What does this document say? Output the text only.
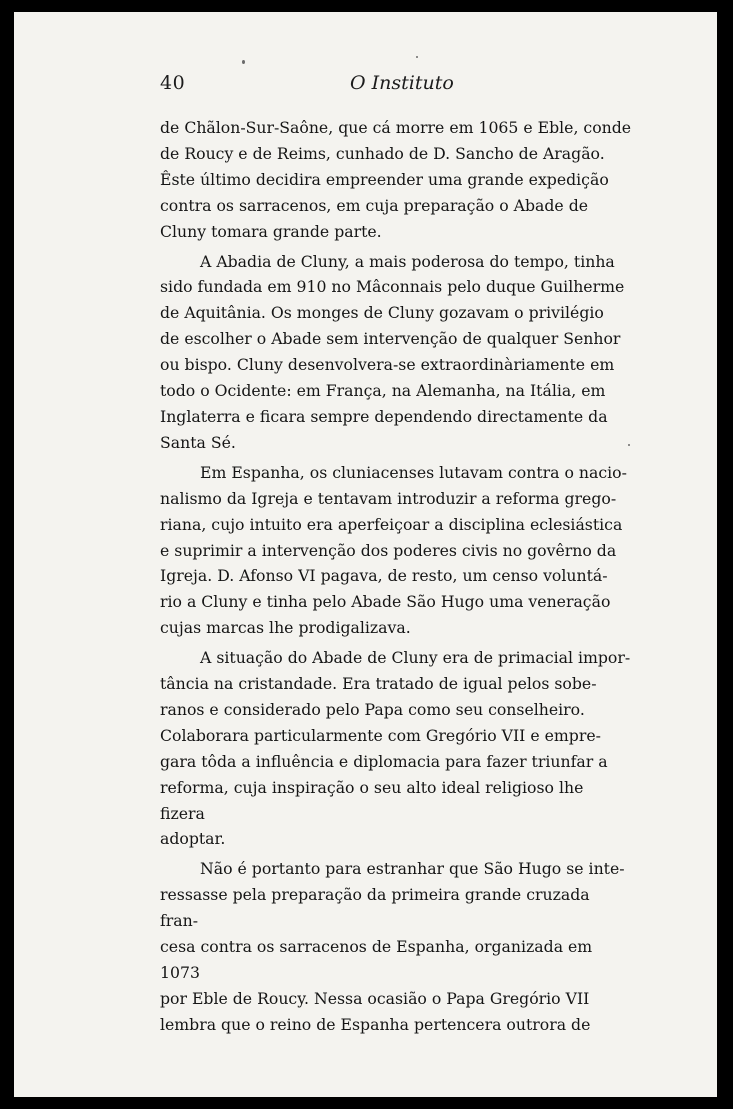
40	O Instituto

de Chãlon-Sur-Saône, que cá morre em 1065 e Eble, conde
de Roucy e de Reims, cunhado de D. Sancho de Aragão.
Êste último decidira empreender uma grande expedição
contra os sarracenos, em cuja preparação o Abade de
Cluny tomara grande parte.

A Abadia de Cluny, a mais poderosa do tempo, tinha
sido fundada em 910 no Mâconnais pelo duque Guilherme
de Aquitânia. Os monges de Cluny gozavam o privilégio
de escolher o Abade sem intervenção de qualquer Senhor
ou bispo. Cluny desenvolvera-se extraordinàriamente em
todo o Ocidente: em França, na Alemanha, na Itália, em
Inglaterra e ficara sempre dependendo directamente da
Santa Sé.

Em Espanha, os cluniacenses lutavam contra o nacio-
nalismo da Igreja e tentavam introduzir a reforma grego-
riana, cujo intuito era aperfeiçoar a disciplina eclesiástica
e suprimir a intervenção dos poderes civis no govêrno da
Igreja. D. Afonso VI pagava, de resto, um censo voluntá-
rio a Cluny e tinha pelo Abade São Hugo uma veneração
cujas marcas lhe prodigalizava.

A situação do Abade de Cluny era de primacial impor-
tância na cristandade. Era tratado de igual pelos sobe-
ranos e considerado pelo Papa como seu conselheiro.
Colaborara particularmente com Gregório VII e empre-
gara tôda a influência e diplomacia para fazer triunfar a
reforma, cuja inspiração o seu alto ideal religioso lhe fizera
adoptar.

Não é portanto para estranhar que São Hugo se inte-
ressasse pela preparação da primeira grande cruzada fran-
cesa contra os sarracenos de Espanha, organizada em 1073
por Eble de Roucy. Nessa ocasião o Papa Gregório VII
lembra que o reino de Espanha pertencera outrora de
